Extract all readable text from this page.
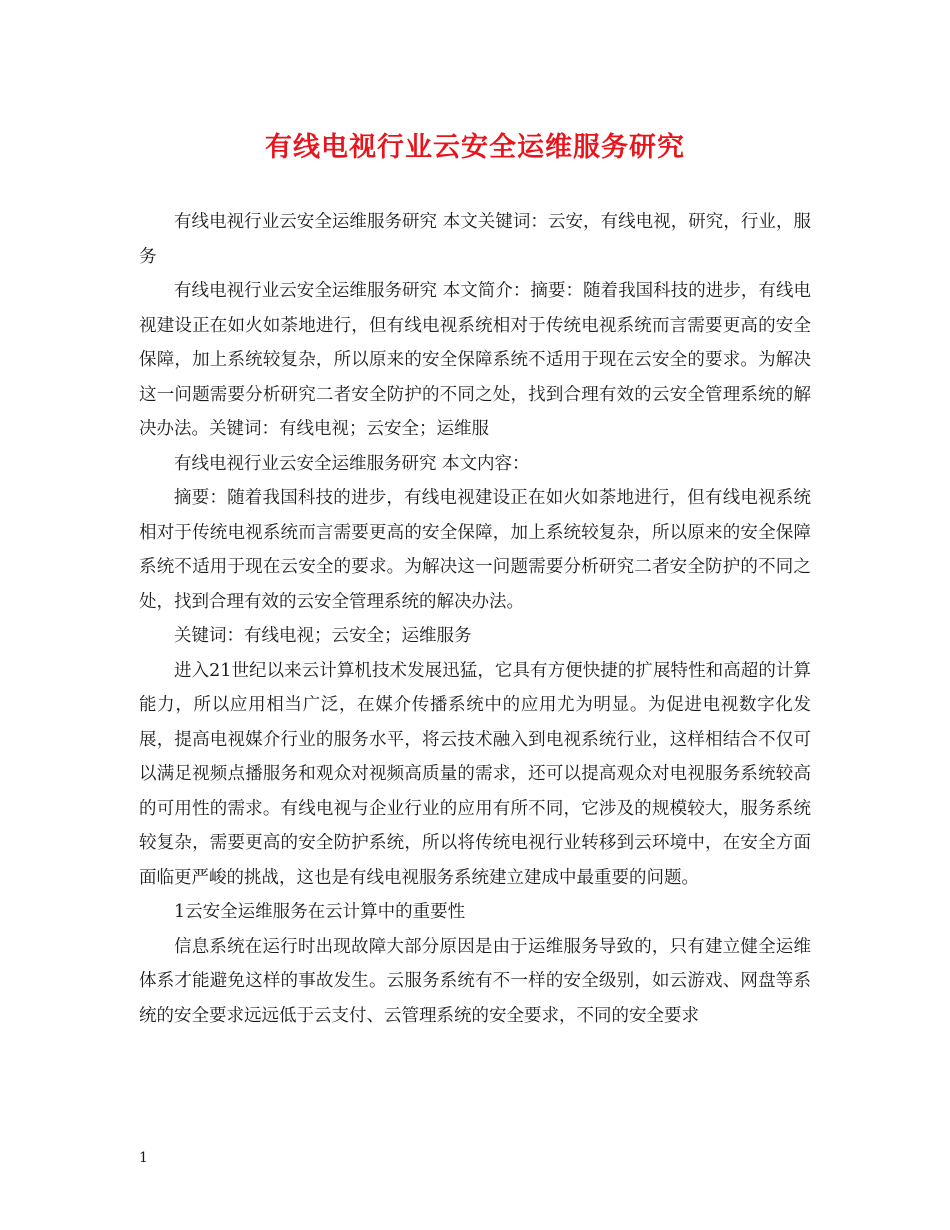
有线电视行业云安全运维服务研究

有线电视行业云安全运维服务研究 本文关键词：云安，有线电视，研究，行业，服务

有线电视行业云安全运维服务研究 本文简介：摘要：随着我国科技的进步，有线电视建设正在如火如荼地进行，但有线电视系统相对于传统电视系统而言需要更高的安全保障，加上系统较复杂，所以原来的安全保障系统不适用于现在云安全的要求。为解决这一问题需要分析研究二者安全防护的不同之处，找到合理有效的云安全管理系统的解决办法。关键词：有线电视；云安全；运维服

有线电视行业云安全运维服务研究 本文内容：

摘要：随着我国科技的进步，有线电视建设正在如火如荼地进行，但有线电视系统相对于传统电视系统而言需要更高的安全保障，加上系统较复杂，所以原来的安全保障系统不适用于现在云安全的要求。为解决这一问题需要分析研究二者安全防护的不同之处，找到合理有效的云安全管理系统的解决办法。

关键词：有线电视；云安全；运维服务

进入21世纪以来云计算机技术发展迅猛，它具有方便快捷的扩展特性和高超的计算能力，所以应用相当广泛，在媒介传播系统中的应用尤为明显。为促进电视数字化发展，提高电视媒介行业的服务水平，将云技术融入到电视系统行业，这样相结合不仅可以满足视频点播服务和观众对视频高质量的需求，还可以提高观众对电视服务系统较高的可用性的需求。有线电视与企业行业的应用有所不同，它涉及的规模较大，服务系统较复杂，需要更高的安全防护系统，所以将传统电视行业转移到云环境中，在安全方面面临更严峻的挑战，这也是有线电视服务系统建立建成中最重要的问题。

1云安全运维服务在云计算中的重要性

信息系统在运行时出现故障大部分原因是由于运维服务导致的，只有建立健全运维体系才能避免这样的事故发生。云服务系统有不一样的安全级别，如云游戏、网盘等系统的安全要求远远低于云支付、云管理系统的安全要求，不同的安全要求

1
